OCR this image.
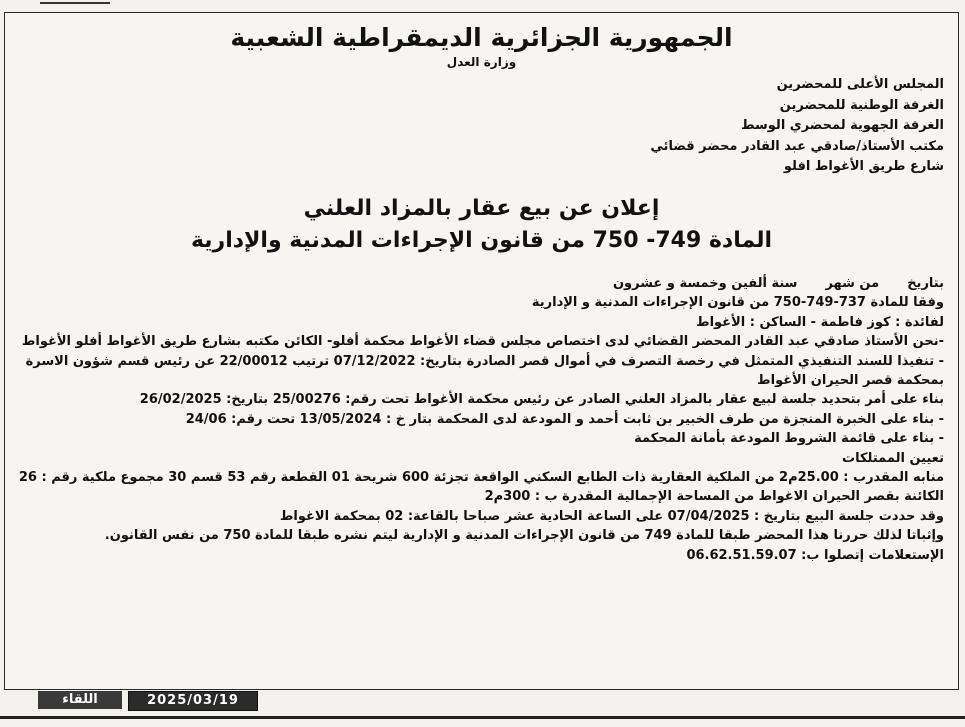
الجمهورية الجزائرية الديمقراطية الشعبية
وزارة العدل
المجلس الأعلى للمحضرين
الغرفة الوطنية للمحضرين
الغرفة الجهوية لمحضري الوسط
مكتب الأستاذ/صادقي عبد القادر محضر قضائي
شارع طريق الأغواط افلو
إعلان عن بيع عقار بالمزاد العلني
المادة 749- 750 من قانون الإجراءات المدنية والإدارية

بتاريخمن شهرسنة ألفين وخمسة و عشرون

وفقا للمادة 737-749-750 من قانون الإجراءات المدنية و الإدارية

لفائدة : كوز فاطمة - الساكن : الأغواط

-نحن الأستاذ صادقي عبد القادر المحضر القضائي لدى اختصاص مجلس قضاء الأغواط محكمة أفلو- الكائن مكتبه بشارع طريق الأغواط أفلو الأغواط

- تنفيذا للسند التنفيذي المتمثل في رخصة التصرف في أموال قصر الصادرة بتاريخ: 07/12/2022 ترتيب 22/00012 عن رئيس قسم شؤون الاسرة بمحكمة قصر الحيران الأغواط

بناء على أمر بتحديد جلسة لبيع عقار بالمزاد العلني الصادر عن رئيس محكمة الأغواط تحت رقم: 25/00276 بتاريخ: 26/02/2025

- بناء على الخبرة المنجزة من طرف الخبير بن ثابت أحمد و المودعة لدى المحكمة بتار خ : 13/05/2024 تحت رقم: 24/06

- بناء على قائمة الشروط المودعة بأمانة المحكمة

تعيين الممتلكات

منابه المقدرب : 25.00م2 من الملكية العقارية ذات الطابع السكني الواقعة تجزئة 600 شريحة 01 القطعة رقم 53 قسم 30 مجموع ملكية رقم : 26 الكائنة بقصر الحيران الاغواط من المساحة الإجمالية المقدرة ب : 300م2

وقد حددت جلسة البيع بتاريخ : 07/04/2025 على الساعة الحادية عشر صباحا بالقاعة: 02 بمحكمة الاغواط

وإثباتا لذلك حررنا هذا المحضر طبقا للمادة 749 من قانون الإجراءات المدنية و الإدارية ليتم نشره طبقا للمادة 750 من نفس القانون.

الإستعلامات إتصلوا ب: 06.62.51.59.07

اللقاء	2025/03/19
